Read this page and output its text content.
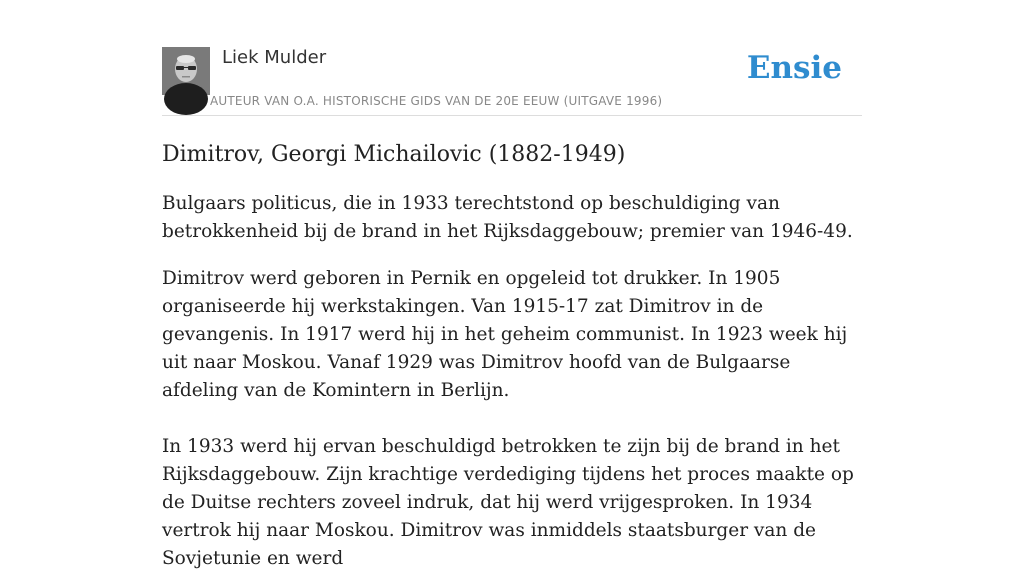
Liek Mulder
AUTEUR VAN O.A. HISTORISCHE GIDS VAN DE 20E EEUW (UITGAVE 1996)
Ensie
Dimitrov, Georgi Michailovic (1882-1949)

Bulgaars politicus, die in 1933 terechtstond op beschuldiging van betrokkenheid bij de brand in het Rijksdaggebouw; premier van 1946-49.

Dimitrov werd geboren in Pernik en opgeleid tot drukker. In 1905 organiseerde hij werkstakingen. Van 1915-17 zat Dimitrov in de gevangenis. In 1917 werd hij in het geheim communist. In 1923 week hij uit naar Moskou. Vanaf 1929 was Dimitrov hoofd van de Bulgaarse afdeling van de Komintern in Berlijn.

In 1933 werd hij ervan beschuldigd betrokken te zijn bij de brand in het Rijksdaggebouw. Zijn krachtige verdediging tijdens het proces maakte op de Duitse rechters zoveel indruk, dat hij werd vrijgesproken. In 1934 vertrok hij naar Moskou. Dimitrov was inmiddels staatsburger van de Sovjetunie en werd
